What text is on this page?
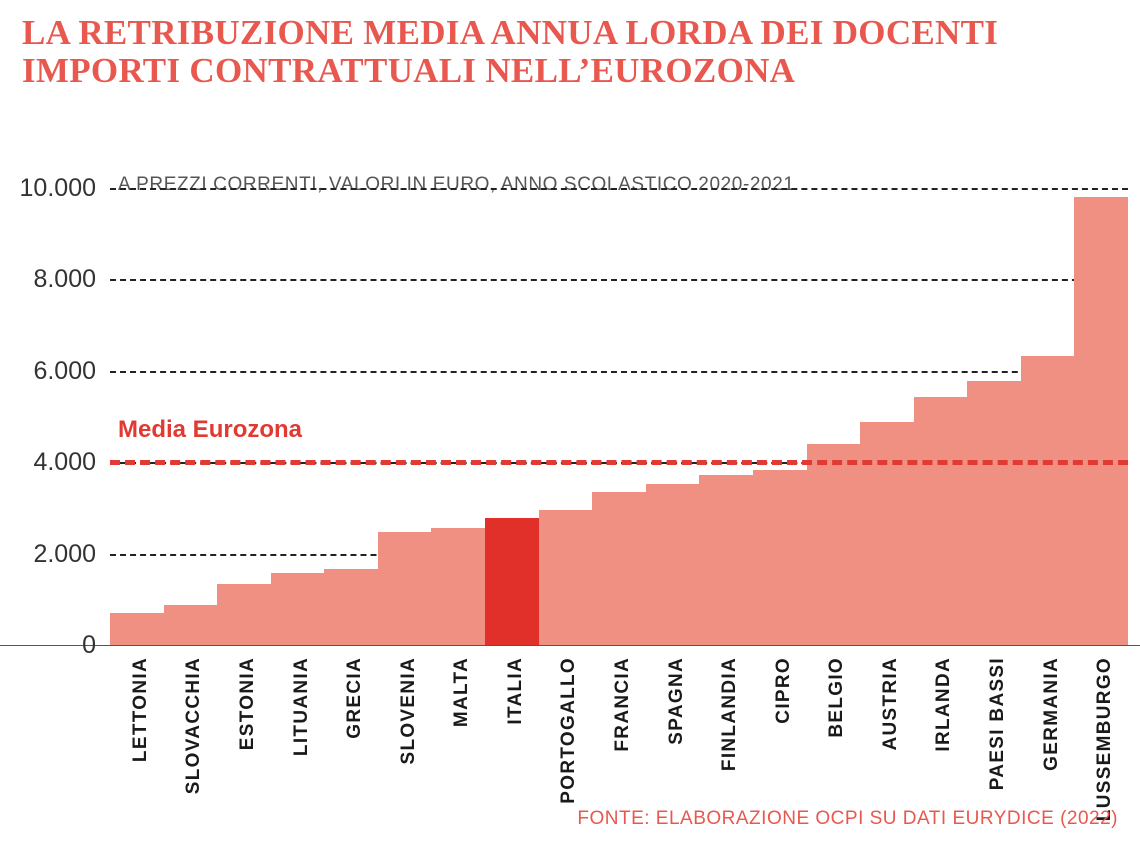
LA RETRIBUZIONE MEDIA ANNUA LORDA DEI DOCENTI
IMPORTI CONTRATTUALI NELL’EUROZONA
A PREZZI CORRENTI, VALORI IN EURO, ANNO SCOLASTICO 2020-2021
0
2.000
4.000
6.000
8.000
10.000
LETTONIA SLOVACCHIA ESTONIA LITUANIA GRECIA SLOVENIA MALTA ITALIA PORTOGALLO FRANCIA SPAGNA FINLANDIA CIPRO BELGIO AUSTRIA IRLANDA PAESI BASSI GERMANIA LUSSEMBURGO
Media Eurozona
FONTE: ELABORAZIONE OCPI SU DATI EURYDICE (2022)
